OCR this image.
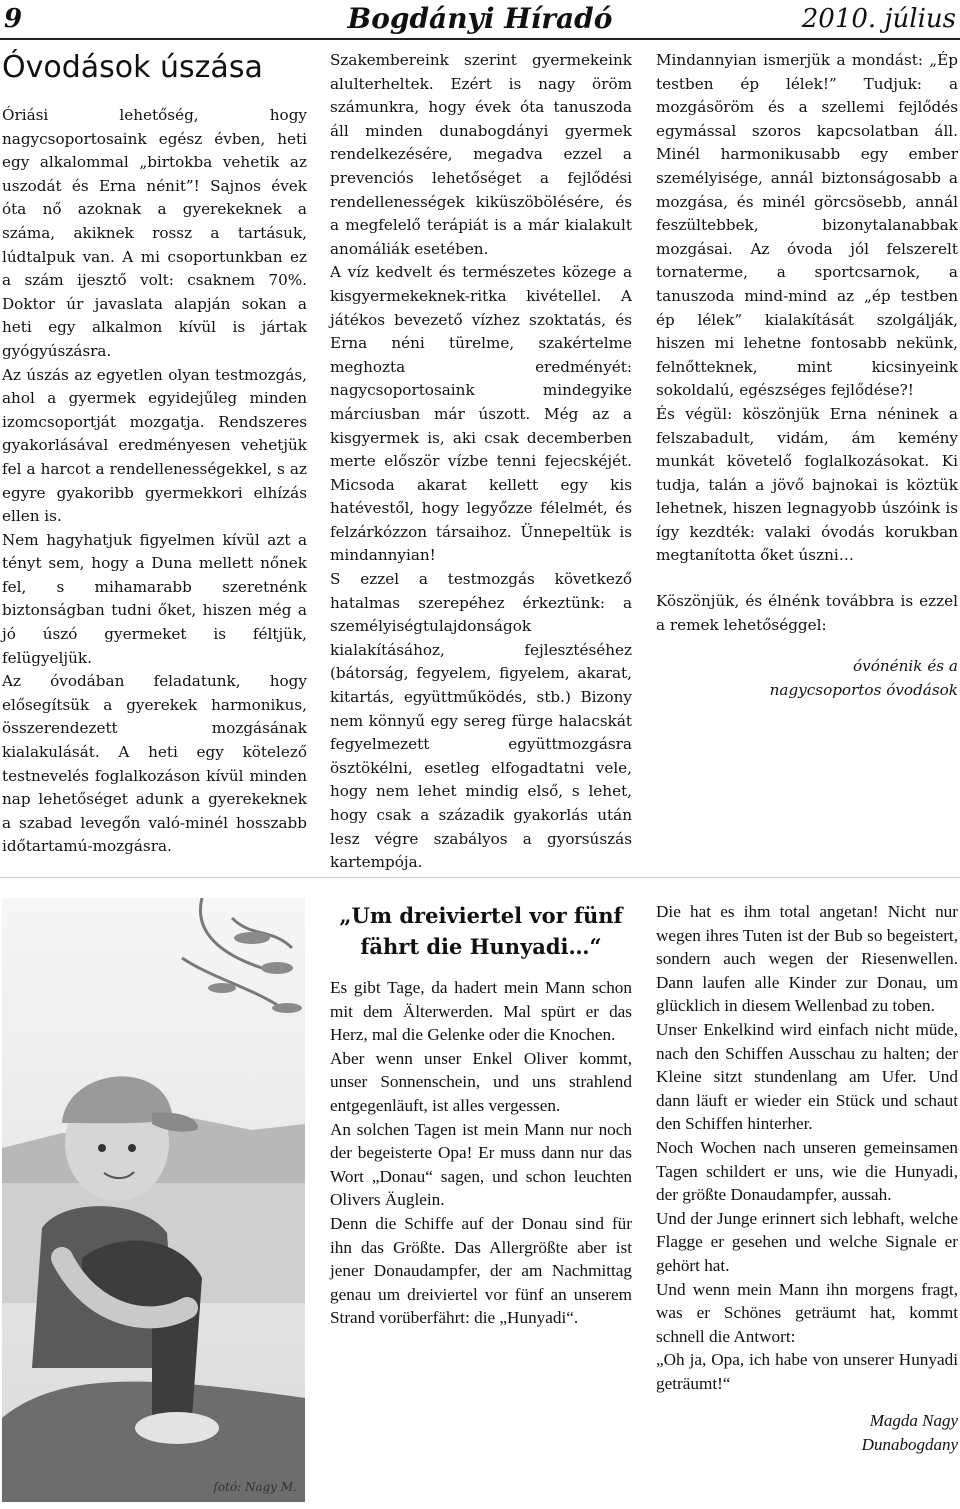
9	Bogdányi Híradó	2010. július
Óvodások úszása

Óriási lehetőség, hogy nagycsoportosaink egész évben, heti egy alkalommal „birtokba vehetik az uszodát és Erna nénit”! Sajnos évek óta nő azoknak a gyerekeknek a száma, akiknek rossz a tartásuk, lúdtalpuk van. A mi csoportunkban ez a szám ijesztő volt: csaknem 70%. Doktor úr javaslata alapján sokan a heti egy alkalmon kívül is jártak gyógyúszásra.

Az úszás az egyetlen olyan testmozgás, ahol a gyermek egyidejűleg minden izomcsoportját mozgatja. Rendszeres gyakorlásával eredményesen vehetjük fel a harcot a rendellenességekkel, s az egyre gyakoribb gyermekkori elhízás ellen is.

Nem hagyhatjuk figyelmen kívül azt a tényt sem, hogy a Duna mellett nőnek fel, s mihamarabb szeretnénk biztonságban tudni őket, hiszen még a jó úszó gyermeket is féltjük, felügyeljük.

Az óvodában feladatunk, hogy elősegítsük a gyerekek harmonikus, összerendezett mozgásának kialakulását. A heti egy kötelező testnevelés foglalkozáson kívül minden nap lehetőséget adunk a gyerekeknek a szabad levegőn való-minél hosszabb időtartamú-mozgásra.

Szakembereink szerint gyermekeink alulterheltek. Ezért is nagy öröm számunkra, hogy évek óta tanuszoda áll minden dunabogdányi gyermek rendelkezésére, megadva ezzel a prevenciós lehetőséget a fejlődési rendellenességek kiküszöbölésére, és a megfelelő terápiát is a már kialakult anomáliák esetében.

A víz kedvelt és természetes közege a kisgyermekeknek-ritka kivétellel. A játékos bevezető vízhez szoktatás, és Erna néni türelme, szakértelme meghozta eredményét: nagycsoportosaink mindegyike márciusban már úszott. Még az a kisgyermek is, aki csak decemberben merte először vízbe tenni fejecskéjét. Micsoda akarat kellett egy kis hatévestől, hogy legyőzze félelmét, és felzárkózzon társaihoz. Ünnepeltük is mindannyian!

S ezzel a testmozgás következő hatalmas szerepéhez érkeztünk: a személyiségtulajdonságok kialakításához, fejlesztéséhez (bátorság, fegyelem, figyelem, akarat, kitartás, együttműködés, stb.) Bizony nem könnyű egy sereg fürge halacskát fegyelmezett együttmozgásra ösztökélni, esetleg elfogadtatni vele, hogy nem lehet mindig első, s lehet, hogy csak a századik gyakorlás után lesz végre szabályos a gyorsúszás kartempója.

Mindannyian ismerjük a mondást: „Ép testben ép lélek!” Tudjuk: a mozgásöröm és a szellemi fejlődés egymással szoros kapcsolatban áll. Minél harmonikusabb egy ember személyisége, annál biztonságosabb a mozgása, és minél görcsösebb, annál feszültebbek, bizonytalanabbak mozgásai. Az óvoda jól felszerelt tornaterme, a sportcsarnok, a tanuszoda mind-mind az „ép testben ép lélek” kialakítását szolgálják, hiszen mi lehetne fontosabb nekünk, felnőtteknek, mint kicsinyeink sokoldalú, egészséges fejlődése?!

És végül: köszönjük Erna néninek a felszabadult, vidám, ám kemény munkát követelő foglalkozásokat. Ki tudja, talán a jövő bajnokai is köztük lehetnek, hiszen legnagyobb úszóink is így kezdték: valaki óvodás korukban megtanította őket úszni…

Köszönjük, és élnénk továbbra is ezzel a remek lehetőséggel:

óvónénik és a
nagycsoportos óvodások
fotó: Nagy M.
„Um dreiviertel vor fünf fährt die Hunyadi…“

Es gibt Tage, da hadert mein Mann schon mit dem Älterwerden. Mal spürt er das Herz, mal die Gelenke oder die Knochen.

Aber wenn unser Enkel Oliver kommt, unser Sonnenschein, und uns strahlend entgegenläuft, ist alles vergessen.

An solchen Tagen ist mein Mann nur noch der begeisterte Opa! Er muss dann nur das Wort „Donau“ sagen, und schon leuchten Olivers Äuglein.

Denn die Schiffe auf der Donau sind für ihn das Größte. Das Allergrößte aber ist jener Donaudampfer, der am Nachmittag genau um dreiviertel vor fünf an unserem Strand vorüberfährt: die „Hunyadi“.

Die hat es ihm total angetan! Nicht nur wegen ihres Tuten ist der Bub so begeistert, sondern auch wegen der Riesenwellen. Dann laufen alle Kinder zur Donau, um glücklich in diesem Wellenbad zu toben.

Unser Enkelkind wird einfach nicht müde, nach den Schiffen Ausschau zu halten; der Kleine sitzt stundenlang am Ufer. Und dann läuft er wieder ein Stück und schaut den Schiffen hinterher.

Noch Wochen nach unseren gemeinsamen Tagen schildert er uns, wie die Hunyadi, der größte Donaudampfer, aussah.

Und der Junge erinnert sich lebhaft, welche Flagge er gesehen und welche Signale er gehört hat.

Und wenn mein Mann ihn morgens fragt, was er Schönes geträumt hat, kommt schnell die Antwort:

„Oh ja, Opa, ich habe von unserer Hunyadi geträumt!“

Magda Nagy
Dunabogdany
